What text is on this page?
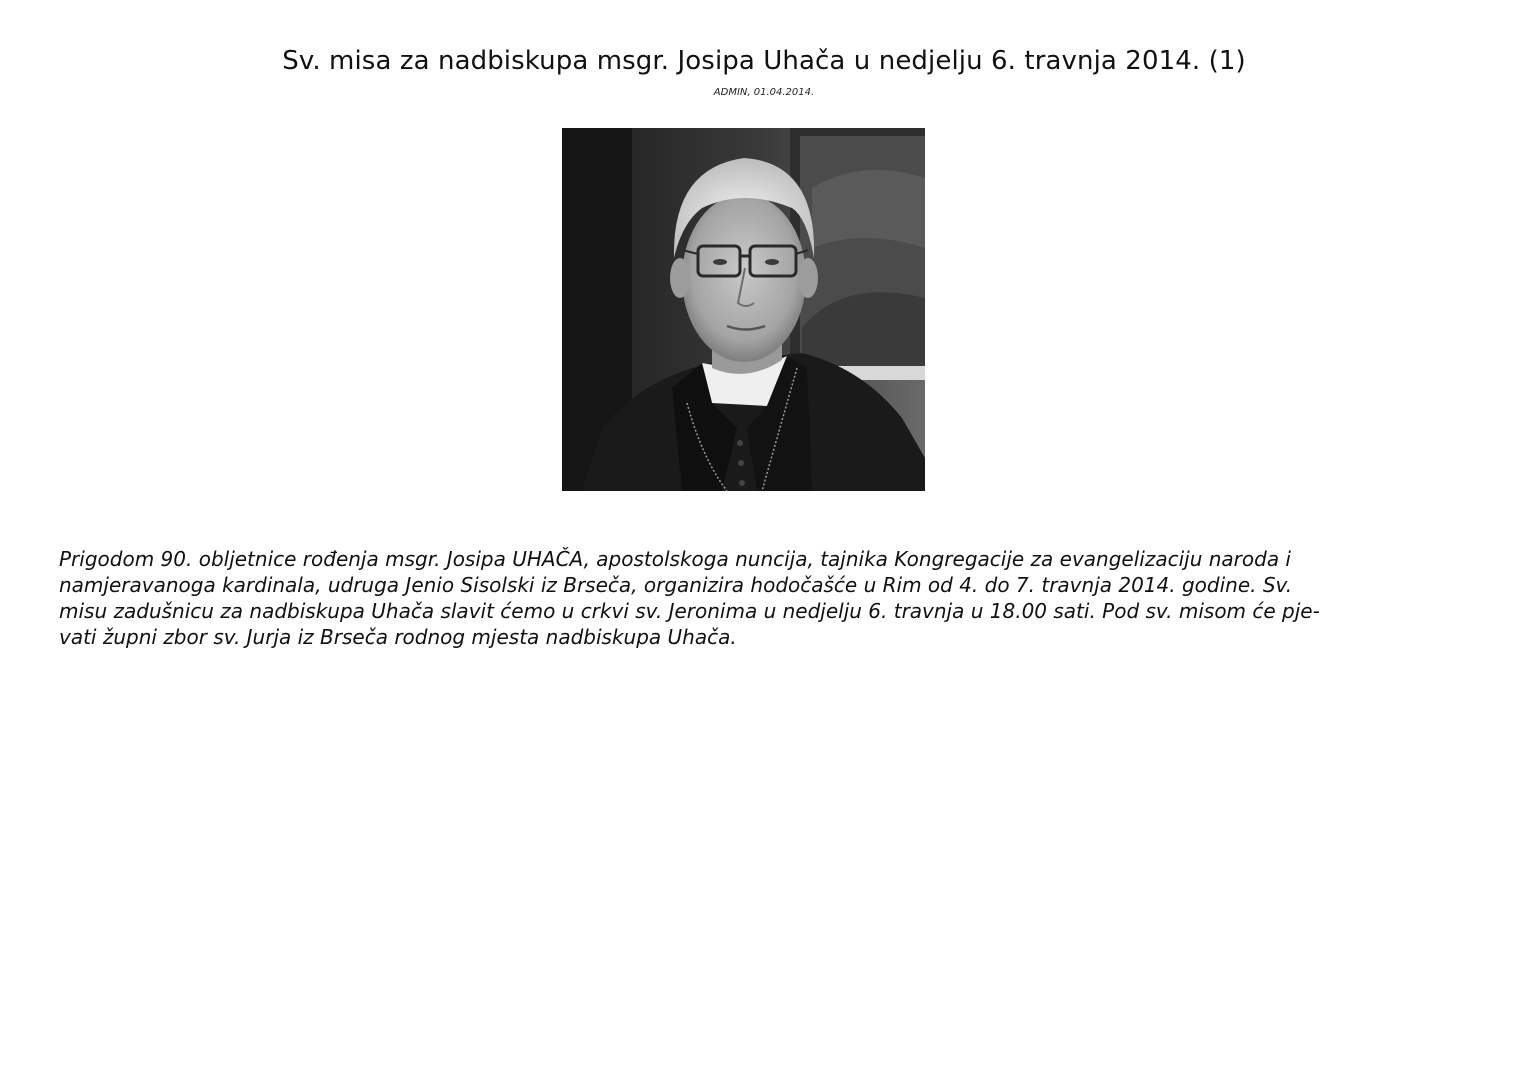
Sv. misa za nadbiskupa msgr. Josipa Uhača u nedjelju 6. travnja 2014. (1)
ADMIN, 01.04.2014.
Prigodom 90. obljetnice rođenja msgr. Josipa UHAČA, apostolskoga nuncija, tajnika Kongregacije za evangelizaciju naroda i
namjeravanoga kardinala, udruga Jenio Sisolski iz Brseča, organizira hodočašće u Rim od 4. do 7. travnja 2014. godine. Sv.
misu zadušnicu za nadbiskupa Uhača slavit ćemo u crkvi sv. Jeronima u nedjelju 6. travnja u 18.00 sati. Pod sv. misom će pje-
vati župni zbor sv. Jurja iz Brseča rodnog mjesta nadbiskupa Uhača.
